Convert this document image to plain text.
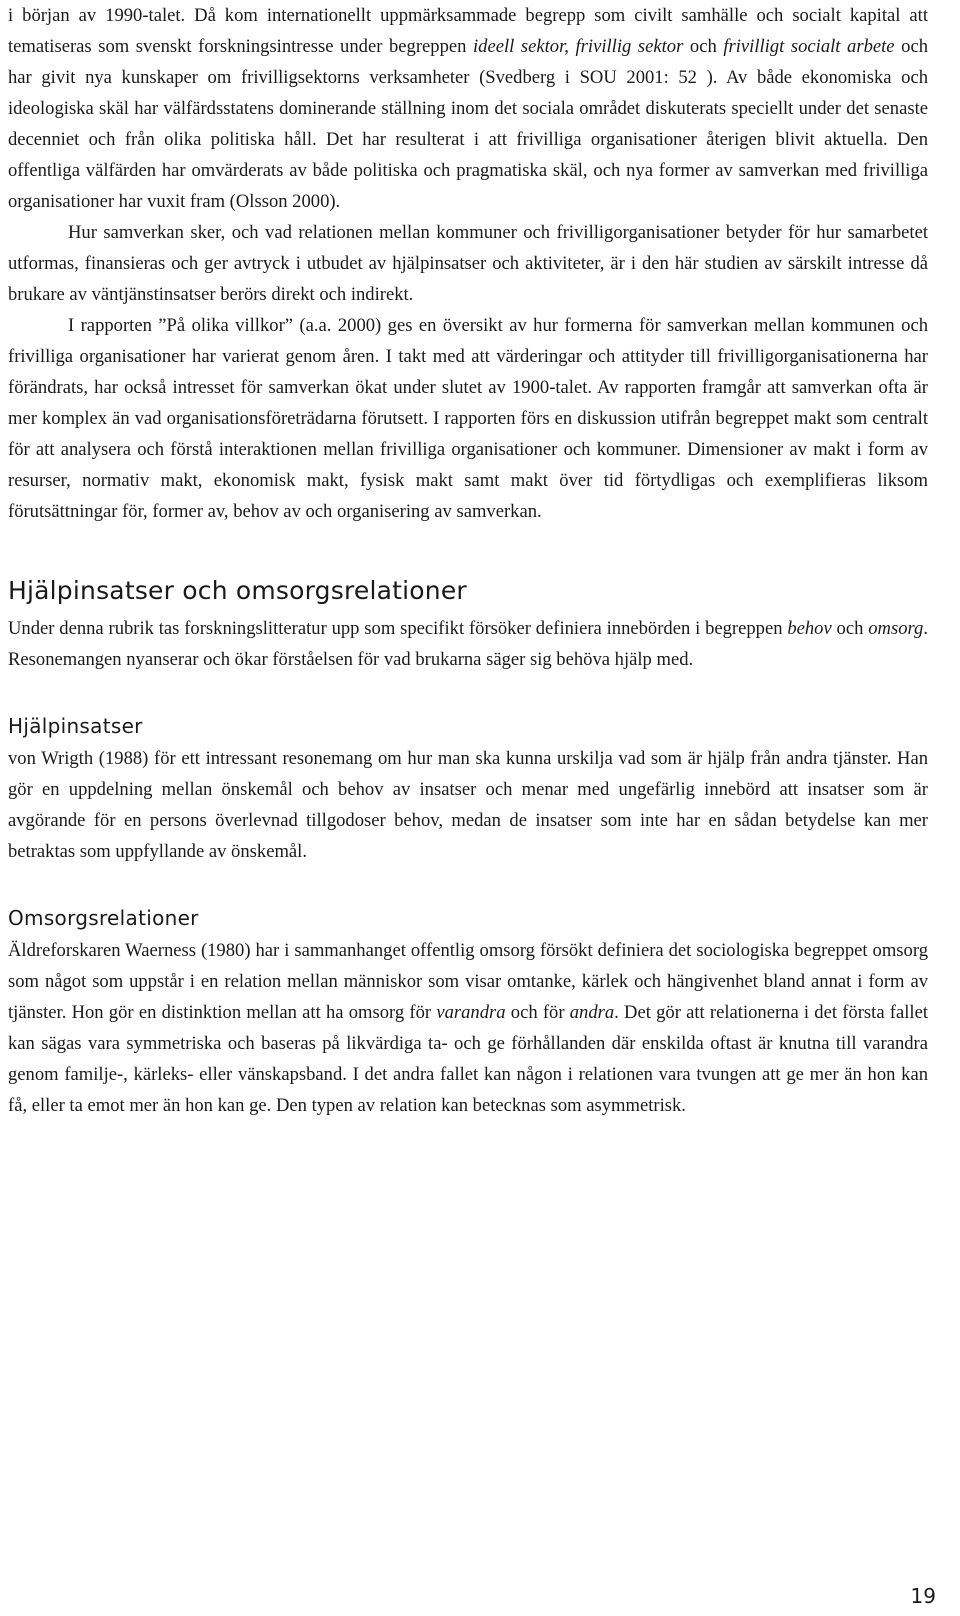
i början av 1990-talet. Då kom internationellt uppmärksammade begrepp som civilt samhälle och socialt kapital att tematiseras som svenskt forskningsintresse under begreppen ideell sektor, frivillig sektor och frivilligt socialt arbete och har givit nya kunskaper om frivilligsektorns verksamheter (Svedberg i SOU 2001: 52 ). Av både ekonomiska och ideologiska skäl har välfärdsstatens dominerande ställning inom det sociala området diskuterats speciellt under det senaste decenniet och från olika politiska håll. Det har resulterat i att frivilliga organisationer återigen blivit aktuella. Den offentliga välfärden har omvärderats av både politiska och pragmatiska skäl, och nya former av samverkan med frivilliga organisationer har vuxit fram (Olsson 2000).

Hur samverkan sker, och vad relationen mellan kommuner och frivilligorganisationer betyder för hur samarbetet utformas, finansieras och ger avtryck i utbudet av hjälpinsatser och aktiviteter, är i den här studien av särskilt intresse då brukare av väntjänstinsatser berörs direkt och indirekt.

I rapporten ”På olika villkor” (a.a. 2000) ges en översikt av hur formerna för samverkan mellan kommunen och frivilliga organisationer har varierat genom åren. I takt med att värderingar och attityder till frivilligorganisationerna har förändrats, har också intresset för samverkan ökat under slutet av 1900-talet. Av rapporten framgår att samverkan ofta är mer komplex än vad organisationsföreträdarna förutsett. I rapporten förs en diskussion utifrån begreppet makt som centralt för att analysera och förstå interaktionen mellan frivilliga organisationer och kommuner. Dimensioner av makt i form av resurser, normativ makt, ekonomisk makt, fysisk makt samt makt över tid förtydligas och exemplifieras liksom förutsättningar för, former av, behov av och organisering av samverkan.

Hjälpinsatser och omsorgsrelationer

Under denna rubrik tas forskningslitteratur upp som specifikt försöker definiera innebörden i begreppen behov och omsorg. Resonemangen nyanserar och ökar förståelsen för vad brukarna säger sig behöva hjälp med.

Hjälpinsatser

von Wrigth (1988) för ett intressant resonemang om hur man ska kunna urskilja vad som är hjälp från andra tjänster. Han gör en uppdelning mellan önskemål och behov av insatser och menar med ungefärlig innebörd att insatser som är avgörande för en persons överlevnad tillgodoser behov, medan de insatser som inte har en sådan betydelse kan mer betraktas som uppfyllande av önskemål.

Omsorgsrelationer

Äldreforskaren Waerness (1980) har i sammanhanget offentlig omsorg försökt definiera det sociologiska begreppet omsorg som något som uppstår i en relation mellan människor som visar omtanke, kärlek och hängivenhet bland annat i form av tjänster. Hon gör en distinktion mellan att ha omsorg för varandra och för andra. Det gör att relationerna i det första fallet kan sägas vara symmetriska och baseras på likvärdiga ta- och ge förhållanden där enskilda oftast är knutna till varandra genom familje-, kärleks- eller vänskapsband. I det andra fallet kan någon i relationen vara tvungen att ge mer än hon kan få, eller ta emot mer än hon kan ge. Den typen av relation kan betecknas som asymmetrisk.

19
